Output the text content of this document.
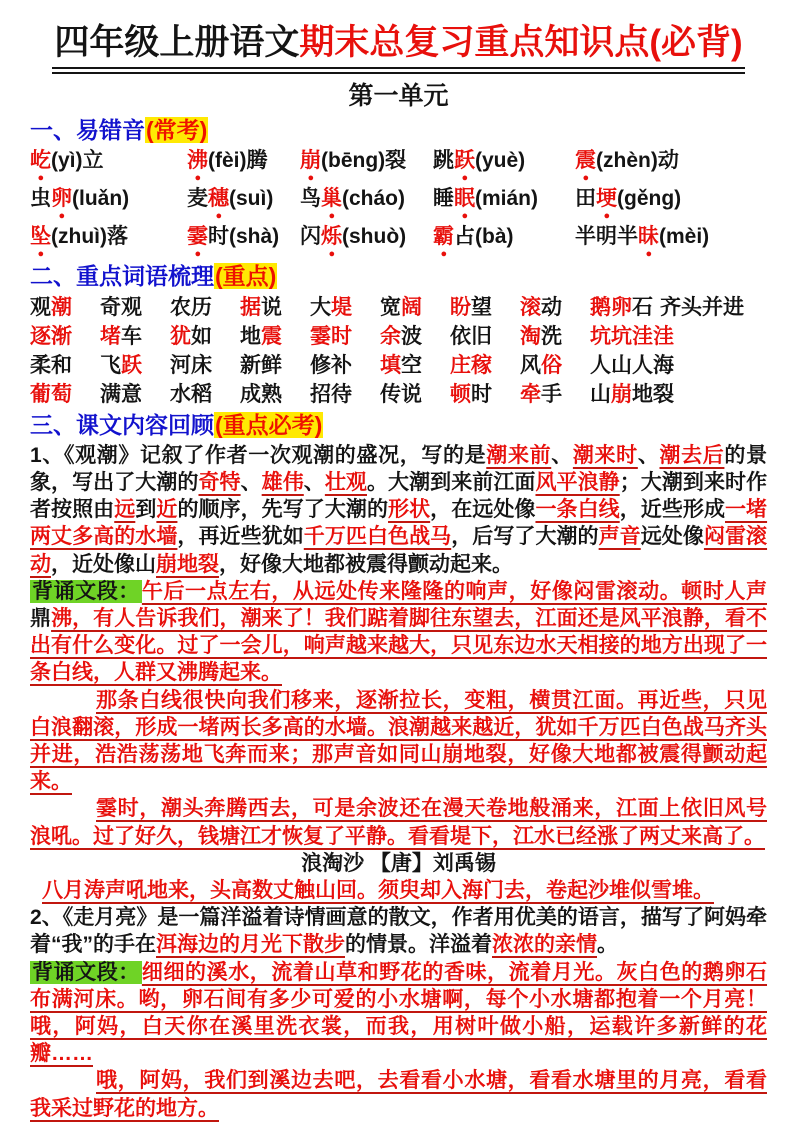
四年级上册语文期末总复习重点知识点(必背)
第一单元
一、易错音(常考)
屹(yì)立	沸(fèi)腾 崩(bēng)裂 跳跃(yuè) 震(zhèn)动
虫卵(luǎn)	麦穗(suì) 鸟巢(cháo) 睡眠(mián) 田埂(gěng)
坠(zhuì)落	霎时(shà) 闪烁(shuò) 霸占(bà)	半明半昧(mèi)
二、重点词语梳理(重点)
观潮 奇观 农历 据说 大堤 宽阔 盼望 滚动 鹅卵石 齐头并进
逐渐 堵车 犹如 地震 霎时 余波 依旧 淘洗 坑坑洼洼
柔和 飞跃 河床 新鲜 修补 填空 庄稼 风俗 人山人海
葡萄 满意 水稻 成熟 招待 传说 顿时 牵手 山崩地裂
三、课文内容回顾(重点必考)

1、《观潮》记叙了作者一次观潮的盛况，写的是潮来前、潮来时、潮去后的景象，写出了大潮的奇特、雄伟、壮观。大潮到来前江面风平浪静；大潮到来时作者按照由远到近的顺序，先写了大潮的形状，在远处像一条白线，近些形成一堵两丈多高的水墙，再近些犹如千万匹白色战马，后写了大潮的声音远处像闷雷滚动，近处像山崩地裂，好像大地都被震得颤动起来。

背诵文段：午后一点左右，从远处传来隆隆的响声，好像闷雷滚动。顿时人声鼎沸，有人告诉我们，潮来了！我们踮着脚往东望去，江面还是风平浪静，看不出有什么变化。过了一会儿，响声越来越大，只见东边水天相接的地方出现了一条白线，人群又沸腾起来。

那条白线很快向我们移来，逐渐拉长，变粗，横贯江面。再近些，只见白浪翻滚，形成一堵两长多高的水墙。浪潮越来越近，犹如千万匹白色战马齐头并进，浩浩荡荡地飞奔而来；那声音如同山崩地裂，好像大地都被震得颤动起来。

霎时，潮头奔腾西去，可是余波还在漫天卷地般涌来，江面上依旧风号浪吼。过了好久，钱塘江才恢复了平静。看看堤下，江水已经涨了两丈来高了。

浪淘沙 【唐】刘禹锡

八月涛声吼地来，头高数丈触山回。须臾却入海门去，卷起沙堆似雪堆。

2、《走月亮》是一篇洋溢着诗情画意的散文，作者用优美的语言，描写了阿妈牵着“我”的手在洱海边的月光下散步的情景。洋溢着浓浓的亲情。

背诵文段：细细的溪水，流着山草和野花的香味，流着月光。灰白色的鹅卵石布满河床。哟，卵石间有多少可爱的小水塘啊，每个小水塘都抱着一个月亮！哦，阿妈，白天你在溪里洗衣裳，而我，用树叶做小船，运载许多新鲜的花瓣……

哦，阿妈，我们到溪边去吧，去看看小水塘，看看水塘里的月亮，看看我采过野花的地方。
